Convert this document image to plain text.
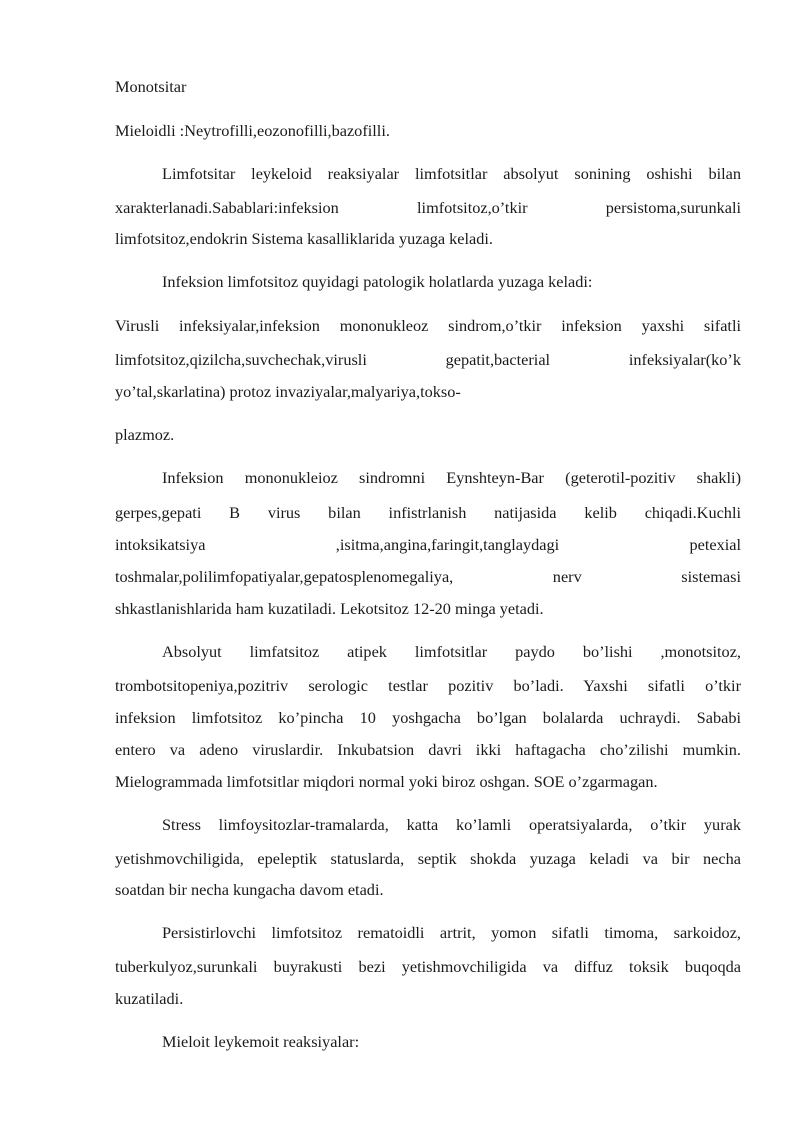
Monotsitar
Mieloidli :Neytrofilli,eozonofilli,bazofilli.
Limfotsitar leykeloid reaksiyalar limfotsitlar absolyut sonining oshishi bilan
xarakterlanadi.Sabablari:infeksion limfotsitoz,o’tkir persistoma,surunkali
limfotsitoz,endokrin Sistema kasalliklarida yuzaga keladi.
Infeksion limfotsitoz quyidagi patologik holatlarda yuzaga keladi:
Virusli infeksiyalar,infeksion mononukleoz sindrom,o’tkir infeksion yaxshi sifatli
limfotsitoz,qizilcha,suvchechak,virusli gepatit,bacterial infeksiyalar(ko’k
yo’tal,skarlatina) protoz invaziyalar,malyariya,tokso-
plazmoz.
Infeksion mononukleioz sindromni Eynshteyn-Bar (geterotil-pozitiv shakli)
gerpes,gepati B virus bilan infistrlanish natijasida kelib chiqadi.Kuchli
intoksikatsiya ,isitma,angina,faringit,tanglaydagi petexial
toshmalar,polilimfopatiyalar,gepatosplenomegaliya, nerv sistemasi
shkastlanishlarida ham kuzatiladi. Lekotsitoz 12-20 minga yetadi.
Absolyut limfatsitoz atipek limfotsitlar paydo bo’lishi ,monotsitoz,
trombotsitopeniya,pozitriv serologic testlar pozitiv bo’ladi. Yaxshi sifatli o’tkir
infeksion limfotsitoz ko’pincha 10 yoshgacha bo’lgan bolalarda uchraydi. Sababi
entero va adeno viruslardir. Inkubatsion davri ikki haftagacha cho’zilishi mumkin.
Mielogrammada limfotsitlar miqdori normal yoki biroz oshgan. SOE o’zgarmagan.
Stress limfoysitozlar-tramalarda, katta ko’lamli operatsiyalarda, o’tkir yurak
yetishmovchiligida, epeleptik statuslarda, septik shokda yuzaga keladi va bir necha
soatdan bir necha kungacha davom etadi.
Persistirlovchi limfotsitoz rematoidli artrit, yomon sifatli timoma, sarkoidoz,
tuberkulyoz,surunkali buyrakusti bezi yetishmovchiligida va diffuz toksik buqoqda
kuzatiladi.
Mieloit leykemoit reaksiyalar:
